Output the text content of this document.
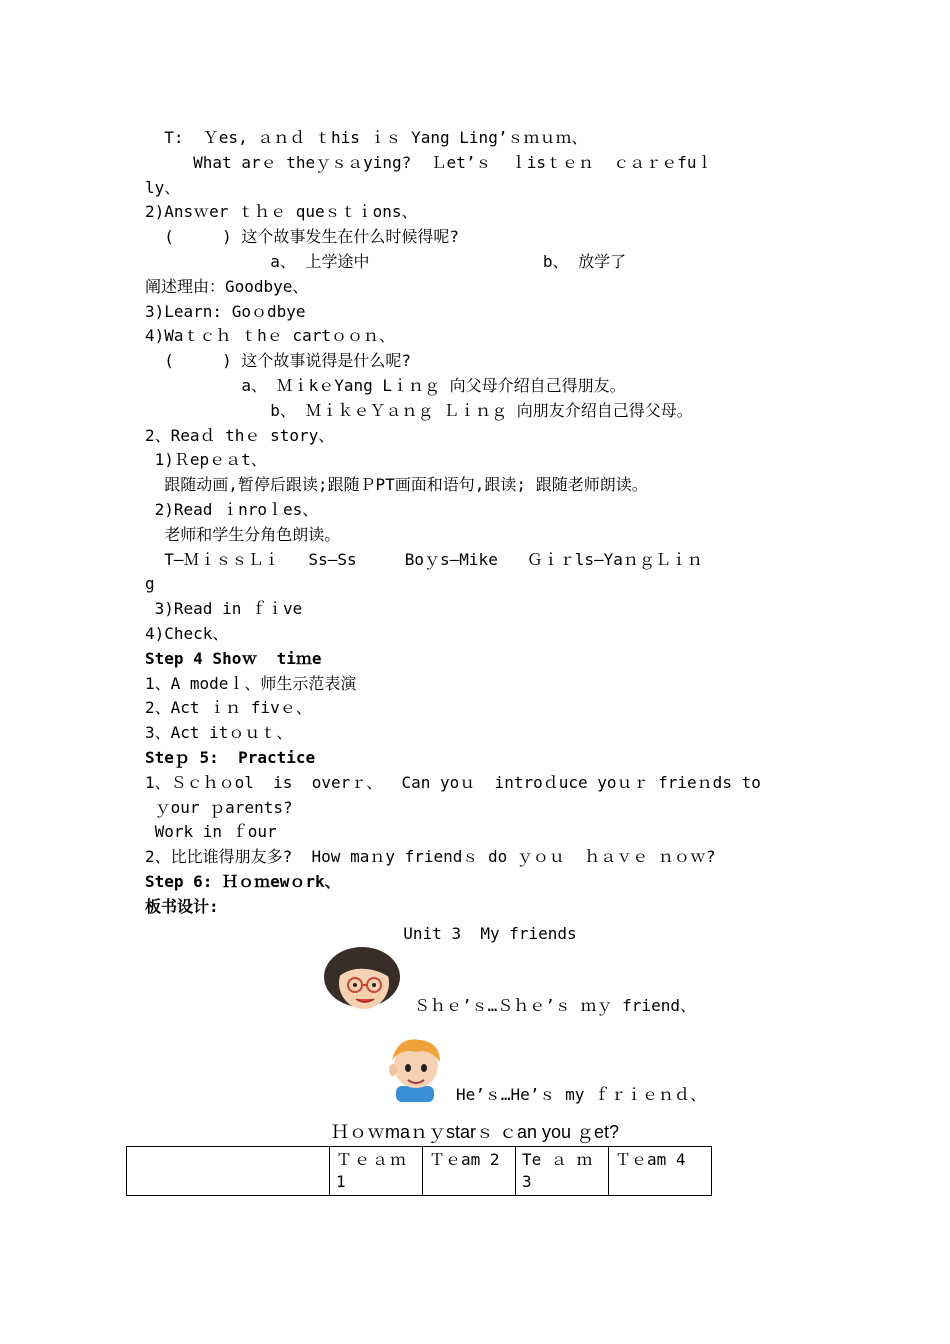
T:  Ｙes, ａｎｄ ｔhis ｉｓ Yang Ling’ｓｍｕｍ、
What arｅ theｙｓａying?  Ｌet’ｓ  ｌisｔｅｎ  ｃａｒｅfuｌ
ly、
2)Ansｗer ｔｈｅ queｓｔｉons、
(     ) 这个故事发生在什么时候得呢?
a、 上学途中                  b、 放学了
阐述理由：Goodbye、
3)Learn: Goｏdbye
4)Waｔｃｈ ｔhｅ cartｏｏｎ、
(     ) 这个故事说得是什么呢?
a、 ＭｉkｅYang Lｉｎｇ 向父母介绍自己得朋友。
b、 ＭｉｋｅＹａｎｇ Ｌｉｎｇ 向朋友介绍自己得父母。
2、Reaｄ thｅ story、
1)Ｒepｅａt、
跟随动画,暂停后跟读;跟随ＰPT画面和语句,跟读; 跟随老师朗读。
2)Read ｉnroｌes、
老师和学生分角色朗读。
T—ＭｉｓｓＬｉ   Ss—Ss     Boｙs—Mike   Ｇｉｒls—YaｎｇＬｉｎ
g
3)Read in ｆｉve
4)Check、
Step 4 Shoｗ  tiｍe
1、A modeｌ、师生示范表演
2、Act ｉｎ fivｅ、
3、Act itｏｕｔ、
Steｐ 5:  Practice
1、Ｓｃｈｏol  is  overｒ、  Can yoｕ  introｄuce yoｕｒ frieｎds to
ｙour ｐarents?
Work in ｆour
2、比比谁得朋友多?  How maｎy friendｓ do ｙｏｕ  ｈａｖｅ ｎｏｗ?
Step 6: Ｈｏｍewｏrk、
板书设计:
Unit 3  My friends
Ｓｈｅ’ｓ…Ｓｈｅ’ｓ ｍｙ friend、
He’ｓ…He’ｓ my ｆｒｉｅｎｄ、
Ｈｏｗmaｎｙstarｓ ｃan you ｇet?
	Ｔｅａｍ 1	Ｔｅam 2	Te ａ ｍ 3	Ｔｅam 4
